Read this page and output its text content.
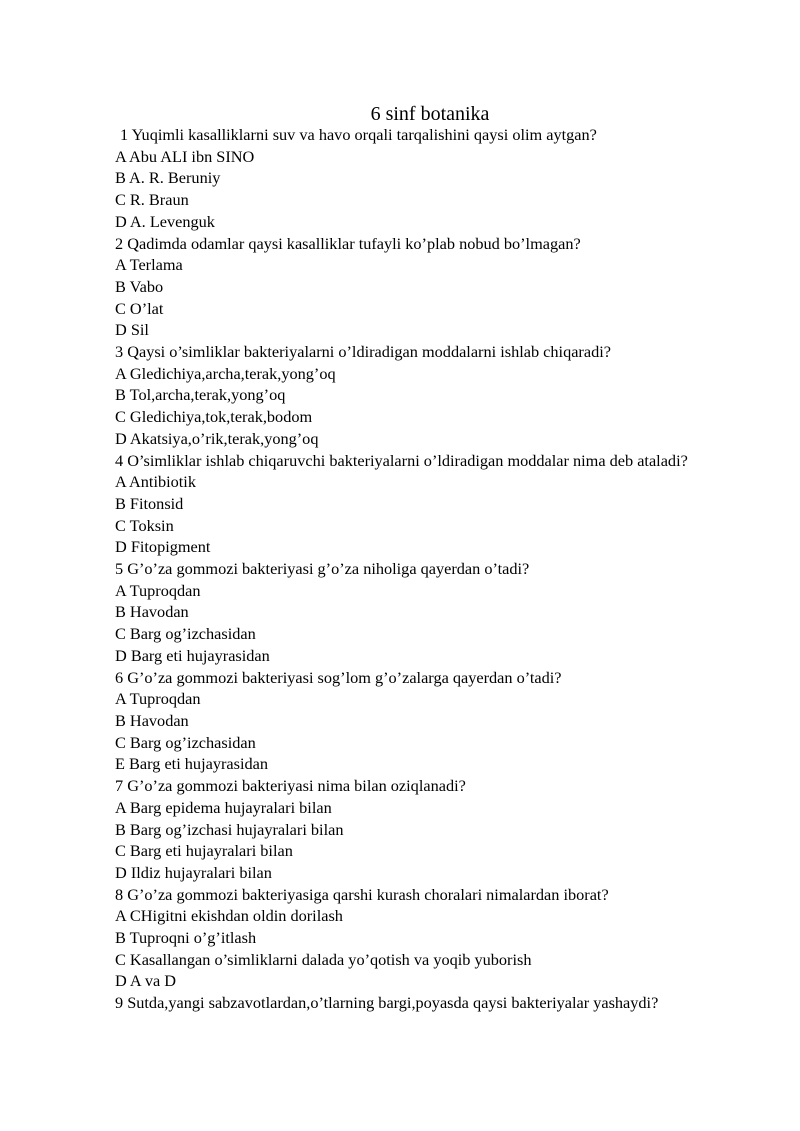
6 sinf botanika
1 Yuqimli kasalliklarni suv va havo orqali tarqalishini qaysi olim aytgan?
A Abu ALI ibn SINO
B A. R. Beruniy
C R. Braun
D A. Levenguk
2 Qadimda odamlar qaysi kasalliklar tufayli ko’plab nobud bo’lmagan?
A Terlama
B Vabo
C O’lat
D Sil
3 Qaysi o’simliklar bakteriyalarni o’ldiradigan moddalarni ishlab chiqaradi?
A Gledichiya,archa,terak,yong’oq
B Tol,archa,terak,yong’oq
C Gledichiya,tok,terak,bodom
D Akatsiya,o’rik,terak,yong’oq
4 O’simliklar ishlab chiqaruvchi bakteriyalarni o’ldiradigan moddalar nima deb ataladi?
A Antibiotik
B Fitonsid
C Toksin
D Fitopigment
5 G’o’za gommozi bakteriyasi g’o’za niholiga qayerdan o’tadi?
A Tuproqdan
B Havodan
C Barg og’izchasidan
D Barg eti hujayrasidan
6 G’o’za gommozi bakteriyasi sog’lom g’o’zalarga qayerdan o’tadi?
A Tuproqdan
B Havodan
C Barg og’izchasidan
E Barg eti hujayrasidan
7 G’o’za gommozi bakteriyasi nima bilan oziqlanadi?
A Barg epidema hujayralari bilan
B Barg og’izchasi hujayralari bilan
C Barg eti hujayralari bilan
D Ildiz hujayralari bilan
8 G’o’za gommozi bakteriyasiga qarshi kurash choralari nimalardan iborat?
A CHigitni ekishdan oldin dorilash
B Tuproqni o’g’itlash
C Kasallangan o’simliklarni dalada yo’qotish va yoqib yuborish
D A va D
9 Sutda,yangi sabzavotlardan,o’tlarning bargi,poyasda qaysi bakteriyalar yashaydi?
